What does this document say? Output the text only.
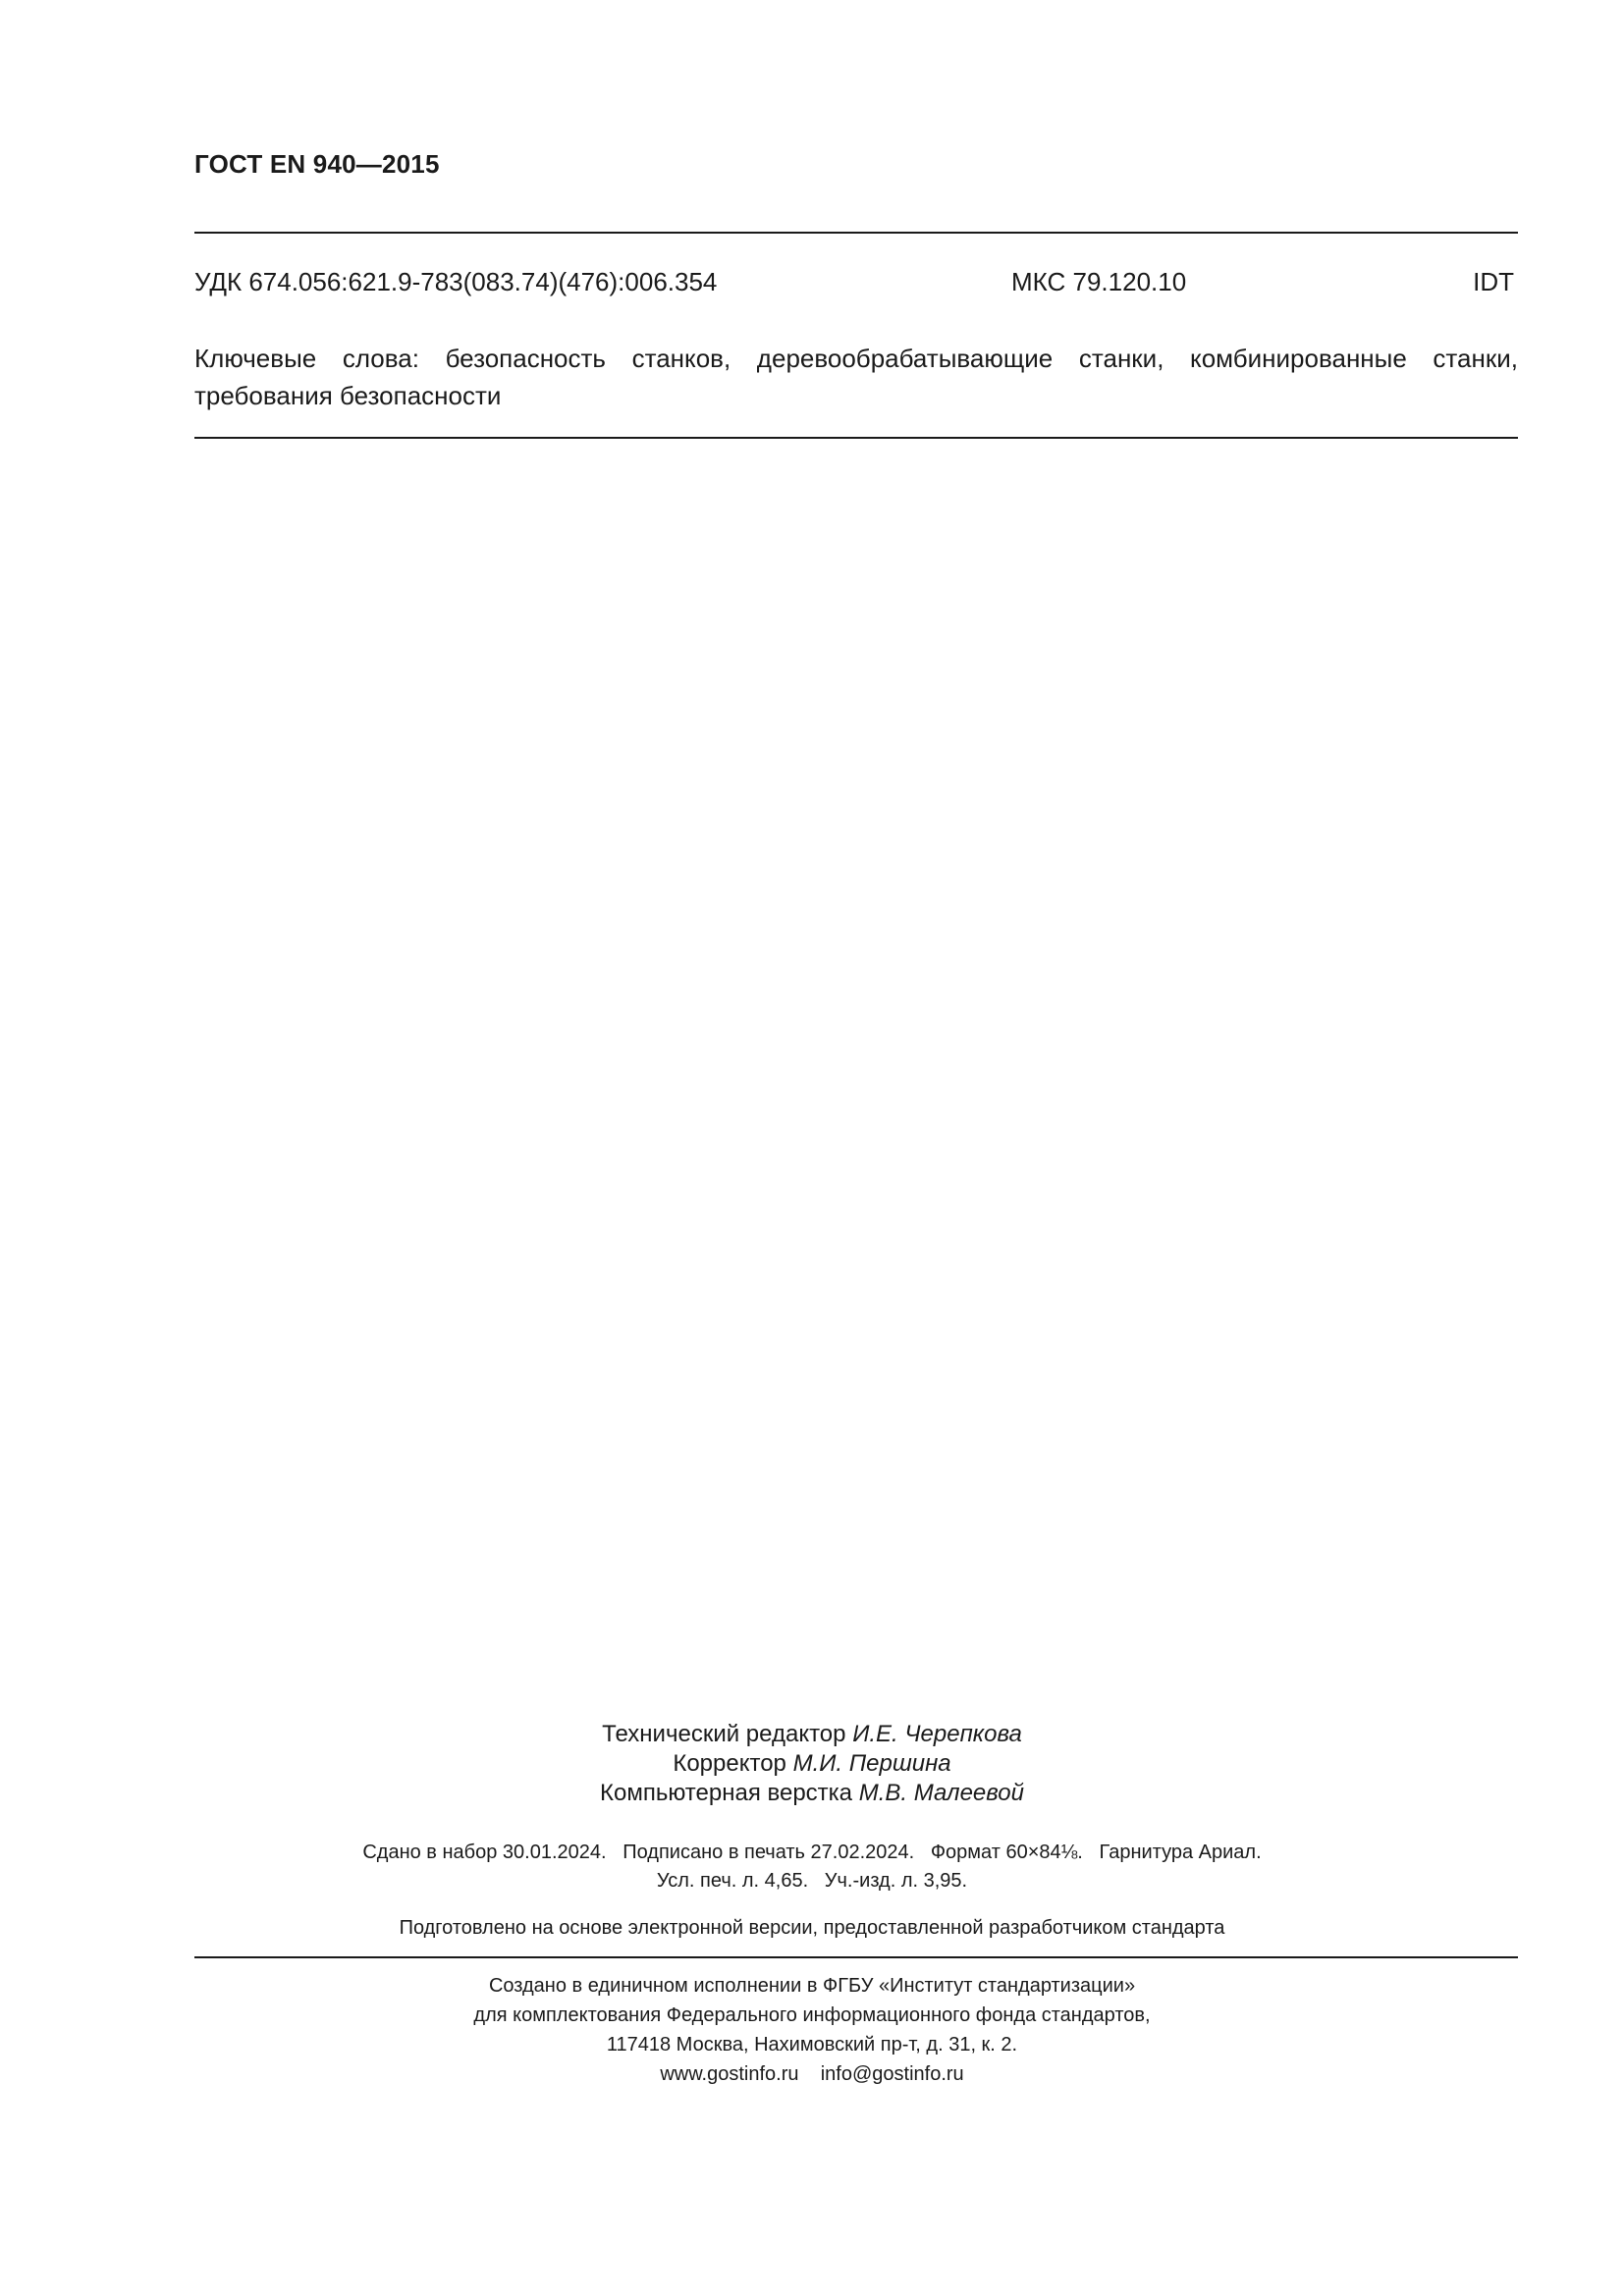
ГОСТ EN 940—2015
УДК 674.056:621.9-783(083.74)(476):006.354	МКС 79.120.10	IDT
Ключевые слова: безопасность станков, деревообрабатывающие станки, комбинированные станки,
требования безопасности
Технический редактор И.Е. Черепкова
Корректор М.И. Першина
Компьютерная верстка М.В. Малеевой
Сдано в набор 30.01.2024.   Подписано в печать 27.02.2024.   Формат 60×84⅛.   Гарнитура Ариал.
Усл. печ. л. 4,65.   Уч.-изд. л. 3,95.
Подготовлено на основе электронной версии, предоставленной разработчиком стандарта
Создано в единичном исполнении в ФГБУ «Институт стандартизации»
для комплектования Федерального информационного фонда стандартов,
117418 Москва, Нахимовский пр-т, д. 31, к. 2.
www.gostinfo.ru    info@gostinfo.ru
